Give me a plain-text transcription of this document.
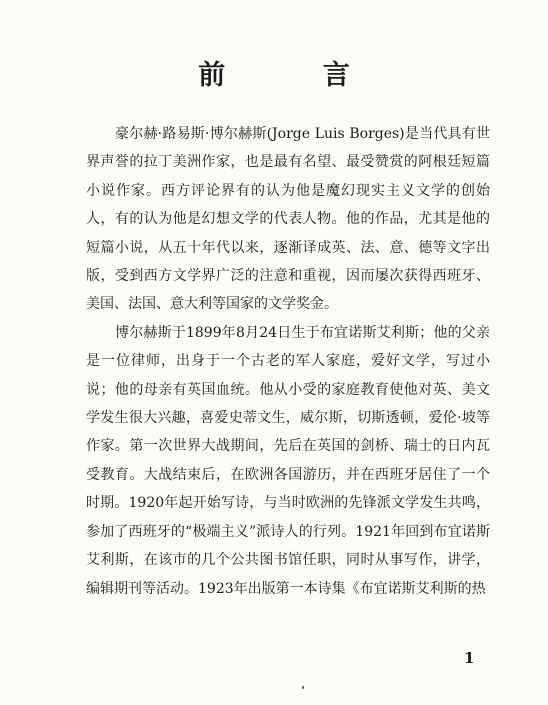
前 言

豪尔赫·路易斯·博尔赫斯(Jorge Luis Borges)是当代具有世界声誉的拉丁美洲作家，也是最有名望、最受赞赏的阿根廷短篇小说作家。西方评论界有的认为他是魔幻现实主义文学的创始人，有的认为他是幻想文学的代表人物。他的作品，尤其是他的短篇小说，从五十年代以来，逐渐译成英、法、意、德等文字出版，受到西方文学界广泛的注意和重视，因而屡次获得西班牙、美国、法国、意大利等国家的文学奖金。

博尔赫斯于1899年8月24日生于布宜诺斯艾利斯；他的父亲是一位律师，出身于一个古老的军人家庭，爱好文学，写过小说；他的母亲有英国血统。他从小受的家庭教育使他对英、美文学发生很大兴趣，喜爱史蒂文生，威尔斯，切斯透顿，爱伦·坡等作家。第一次世界大战期间，先后在英国的剑桥、瑞士的日内瓦受教育。大战结束后，在欧洲各国游历，并在西班牙居住了一个时期。1920年起开始写诗，与当时欧洲的先锋派文学发生共鸣，参加了西班牙的“极端主义”派诗人的行列。1921年回到布宜诺斯艾利斯，在该市的几个公共图书馆任职，同时从事写作，讲学，编辑期刊等活动。1923年出版第一本诗集《布宜诺斯艾利斯的热

1
